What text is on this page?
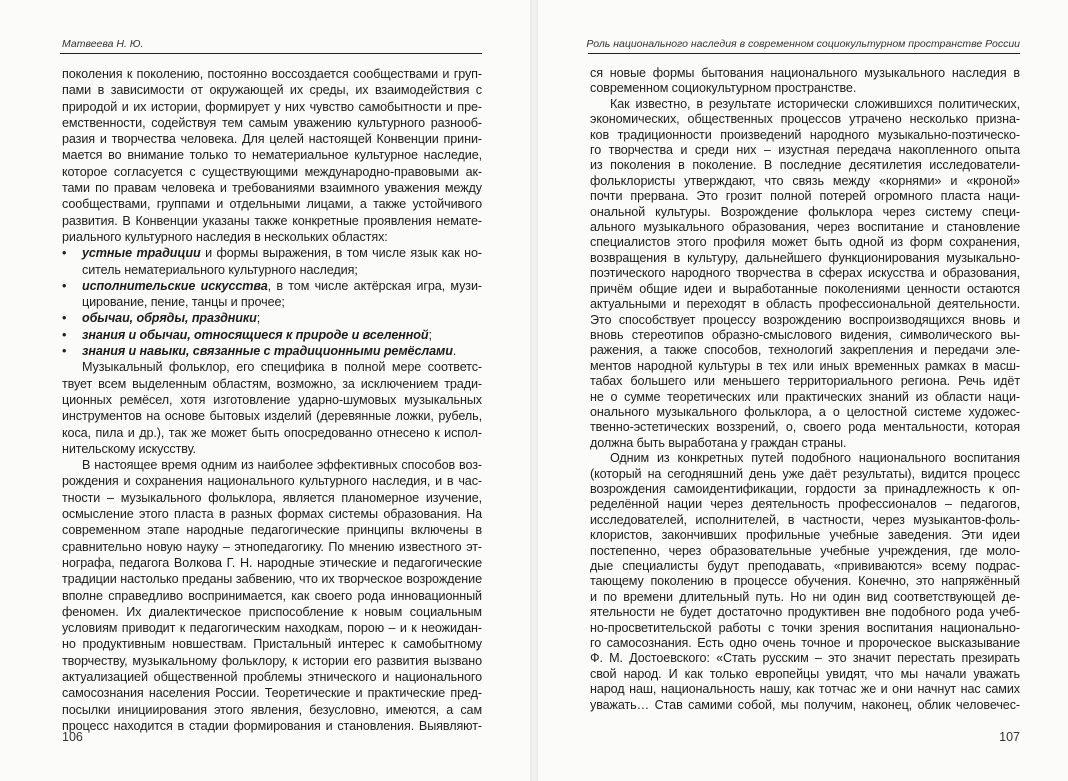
Матвеева Н. Ю.
поколения к поколению, постоянно воссоздается сообществами и груп-
пами в зависимости от окружающей их среды, их взаимодействия с
природой и их истории, формирует у них чувство самобытности и пре-
емственности, содействуя тем самым уважению культурного разнооб-
разия и творчества человека. Для целей настоящей Конвенции прини-
мается во внимание только то нематериальное культурное наследие,
которое согласуется с существующими международно-правовыми ак-
тами по правам человека и требованиями взаимного уважения между
сообществами, группами и отдельными лицами, а также устойчивого
развития. В Конвенции указаны также конкретные проявления немате-
риального культурного наследия в нескольких областях:
• устные традиции и формы выражения, в том числе язык как но-
ситель нематериального культурного наследия;
• исполнительские искусства, в том числе актёрская игра, музи-
цирование, пение, танцы и прочее;
• обычаи, обряды, праздники;
• знания и обычаи, относящиеся к природе и вселенной;
• знания и навыки, связанные с традиционными ремёслами.
Музыкальный фольклор, его специфика в полной мере соответс-
твует всем выделенным областям, возможно, за исключением тради-
ционных ремёсел, хотя изготовление ударно-шумовых музыкальных
инструментов на основе бытовых изделий (деревянные ложки, рубель,
коса, пила и др.), так же может быть опосредованно отнесено к испол-
нительскому искусству.
В настоящее время одним из наиболее эффективных способов воз-
рождения и сохранения национального культурного наследия, и в час-
тности – музыкального фольклора, является планомерное изучение,
осмысление этого пласта в разных формах системы образования. На
современном этапе народные педагогические принципы включены в
сравнительно новую науку – этнопедагогику. По мнению известного эт-
нографа, педагога Волкова Г. Н. народные этические и педагогические
традиции настолько преданы забвению, что их творческое возрождение
вполне справедливо воспринимается, как своего рода инновационный
феномен. Их диалектическое приспособление к новым социальным
условиям приводит к педагогическим находкам, порою – и к неожидан-
но продуктивным новшествам. Пристальный интерес к самобытному
творчеству, музыкальному фольклору, к истории его развития вызвано
актуализацией общественной проблемы этнического и национального
самосознания населения России. Теоретические и практические пред-
посылки инициирования этого явления, безусловно, имеются, а сам
процесс находится в стадии формирования и становления. Выявляют-
106
Роль национального наследия в современном социокультурном пространстве России
ся новые формы бытования национального музыкального наследия в
современном социокультурном пространстве.
Как известно, в результате исторически сложившихся политических,
экономических, общественных процессов утрачено несколько призна-
ков традиционности произведений народного музыкально-поэтическо-
го творчества и среди них – изустная передача накопленного опыта
из поколения в поколение. В последние десятилетия исследователи-
фольклористы утверждают, что связь между «корнями» и «кроной»
почти прервана. Это грозит полной потерей огромного пласта наци-
ональной культуры. Возрождение фольклора через систему специ-
ального музыкального образования, через воспитание и становление
специалистов этого профиля может быть одной из форм сохранения,
возвращения в культуру, дальнейшего функционирования музыкально-
поэтического народного творчества в сферах искусства и образования,
причём общие идеи и выработанные поколениями ценности остаются
актуальными и переходят в область профессиональной деятельности.
Это способствует процессу возрождению воспроизводящихся вновь и
вновь стереотипов образно-смыслового видения, символического вы-
ражения, а также способов, технологий закрепления и передачи эле-
ментов народной культуры в тех или иных временных рамках в масш-
табах большего или меньшего территориального региона. Речь идёт
не о сумме теоретических или практических знаний из области наци-
онального музыкального фольклора, а о целостной системе художес-
твенно-эстетических воззрений, о, своего рода ментальности, которая
должна быть выработана у граждан страны.
Одним из конкретных путей подобного национального воспитания
(который на сегодняшний день уже даёт результаты), видится процесс
возрождения самоидентификации, гордости за принадлежность к оп-
ределённой нации через деятельность профессионалов – педагогов,
исследователей, исполнителей, в частности, через музыкантов-фоль-
клористов, закончивших профильные учебные заведения. Эти идеи
постепенно, через образовательные учебные учреждения, где моло-
дые специалисты будут преподавать, «прививаются» всему подрас-
тающему поколению в процессе обучения. Конечно, это напряжённый
и по времени длительный путь. Но ни один вид соответствующей де-
ятельности не будет достаточно продуктивен вне подобного рода учеб-
но-просветительской работы с точки зрения воспитания национально-
го самосознания. Есть одно очень точное и пророческое высказывание
Ф. М. Достоевского: «Стать русским – это значит перестать презирать
свой народ. И как только европейцы увидят, что мы начали уважать
народ наш, национальность нашу, как тотчас же и они начнут нас самих
уважать… Став самими собой, мы получим, наконец, облик человечес-
107
